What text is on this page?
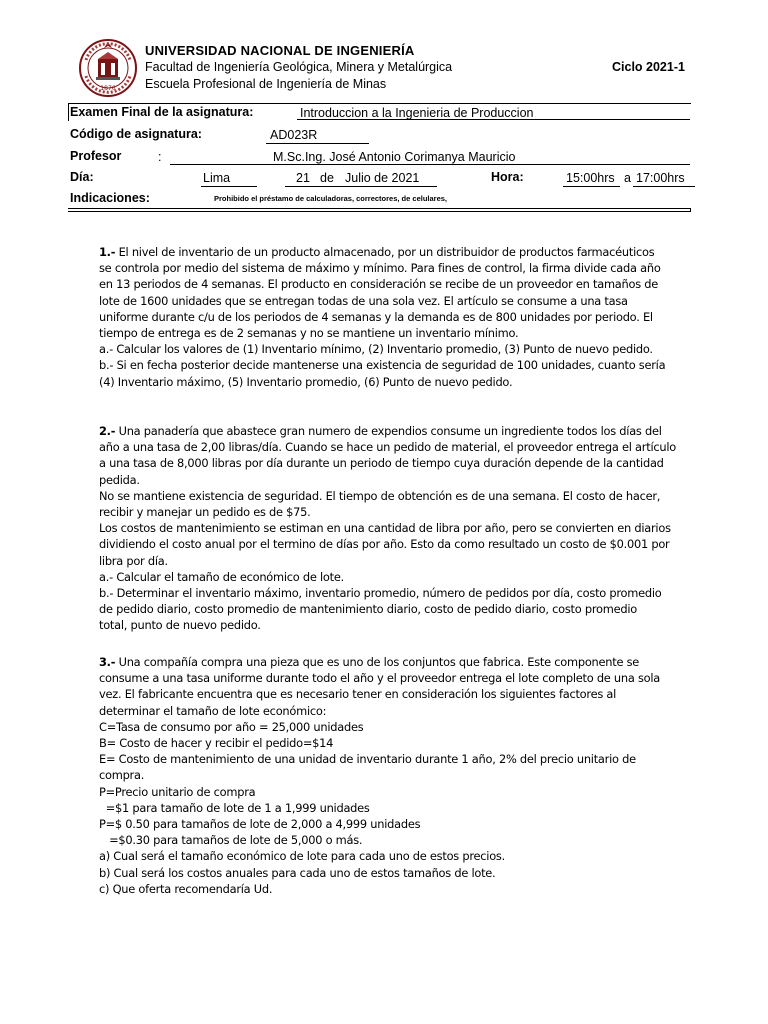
1876
UNIVERSIDAD NACIONAL DE INGENIERÍA
Facultad de Ingeniería Geológica, Minera y Metalúrgica
Escuela Profesional de Ingeniería de Minas
Ciclo 2021-1
Examen Final de la asignatura:	Introduccion a la Ingenieria de Produccion
Código de asignatura:	AD023R
Profesor	:	M.Sc.Ing. José Antonio Corimanya Mauricio
Día:	Lima	21 de Julio de 2021	Hora:	15:00hrs a 17:00hrs
Indicaciones:	Prohibido el préstamo de calculadoras, correctores, de celulares,
1.- El nivel de inventario de un producto almacenado, por un distribuidor de productos farmacéuticos
se controla por medio del sistema de máximo y mínimo. Para fines de control, la firma divide cada año
en 13 periodos de 4 semanas. El producto en consideración se recibe de un proveedor en tamaños de
lote de 1600 unidades que se entregan todas de una sola vez. El artículo se consume a una tasa
uniforme durante c/u de los periodos de 4 semanas y la demanda es de 800 unidades por periodo. El
tiempo de entrega es de 2 semanas y no se mantiene un inventario mínimo.
a.- Calcular los valores de (1) Inventario mínimo, (2) Inventario promedio, (3) Punto de nuevo pedido.
b.- Si en fecha posterior decide mantenerse una existencia de seguridad de 100 unidades, cuanto sería
(4) Inventario máximo, (5) Inventario promedio, (6) Punto de nuevo pedido.
2.- Una panadería que abastece gran numero de expendios consume un ingrediente todos los días del
año a una tasa de 2,00 libras/día. Cuando se hace un pedido de material, el proveedor entrega el artículo
a una tasa de 8,000 libras por día durante un periodo de tiempo cuya duración depende de la cantidad
pedida.
No se mantiene existencia de seguridad. El tiempo de obtención es de una semana. El costo de hacer,
recibir y manejar un pedido es de $75.
Los costos de mantenimiento se estiman en una cantidad de libra por año, pero se convierten en diarios
dividiendo el costo anual por el termino de días por año. Esto da como resultado un costo de $0.001 por
libra por día.
a.- Calcular el tamaño de económico de lote.
b.- Determinar el inventario máximo, inventario promedio, número de pedidos por día, costo promedio
de pedido diario, costo promedio de mantenimiento diario, costo de pedido diario, costo promedio
total, punto de nuevo pedido.
3.- Una compañía compra una pieza que es uno de los conjuntos que fabrica. Este componente se
consume a una tasa uniforme durante todo el año y el proveedor entrega el lote completo de una sola
vez. El fabricante encuentra que es necesario tener en consideración los siguientes factores al
determinar el tamaño de lote económico:
C=Tasa de consumo por año = 25,000 unidades
B= Costo de hacer y recibir el pedido=$14
E= Costo de mantenimiento de una unidad de inventario durante 1 año, 2% del precio unitario de
compra.
P=Precio unitario de compra
=$1 para tamaño de lote de 1 a 1,999 unidades
P=$ 0.50 para tamaños de lote de 2,000 a 4,999 unidades
=$0.30 para tamaños de lote de 5,000 o más.
a) Cual será el tamaño económico de lote para cada uno de estos precios.
b) Cual será los costos anuales para cada uno de estos tamaños de lote.
c) Que oferta recomendaría Ud.
